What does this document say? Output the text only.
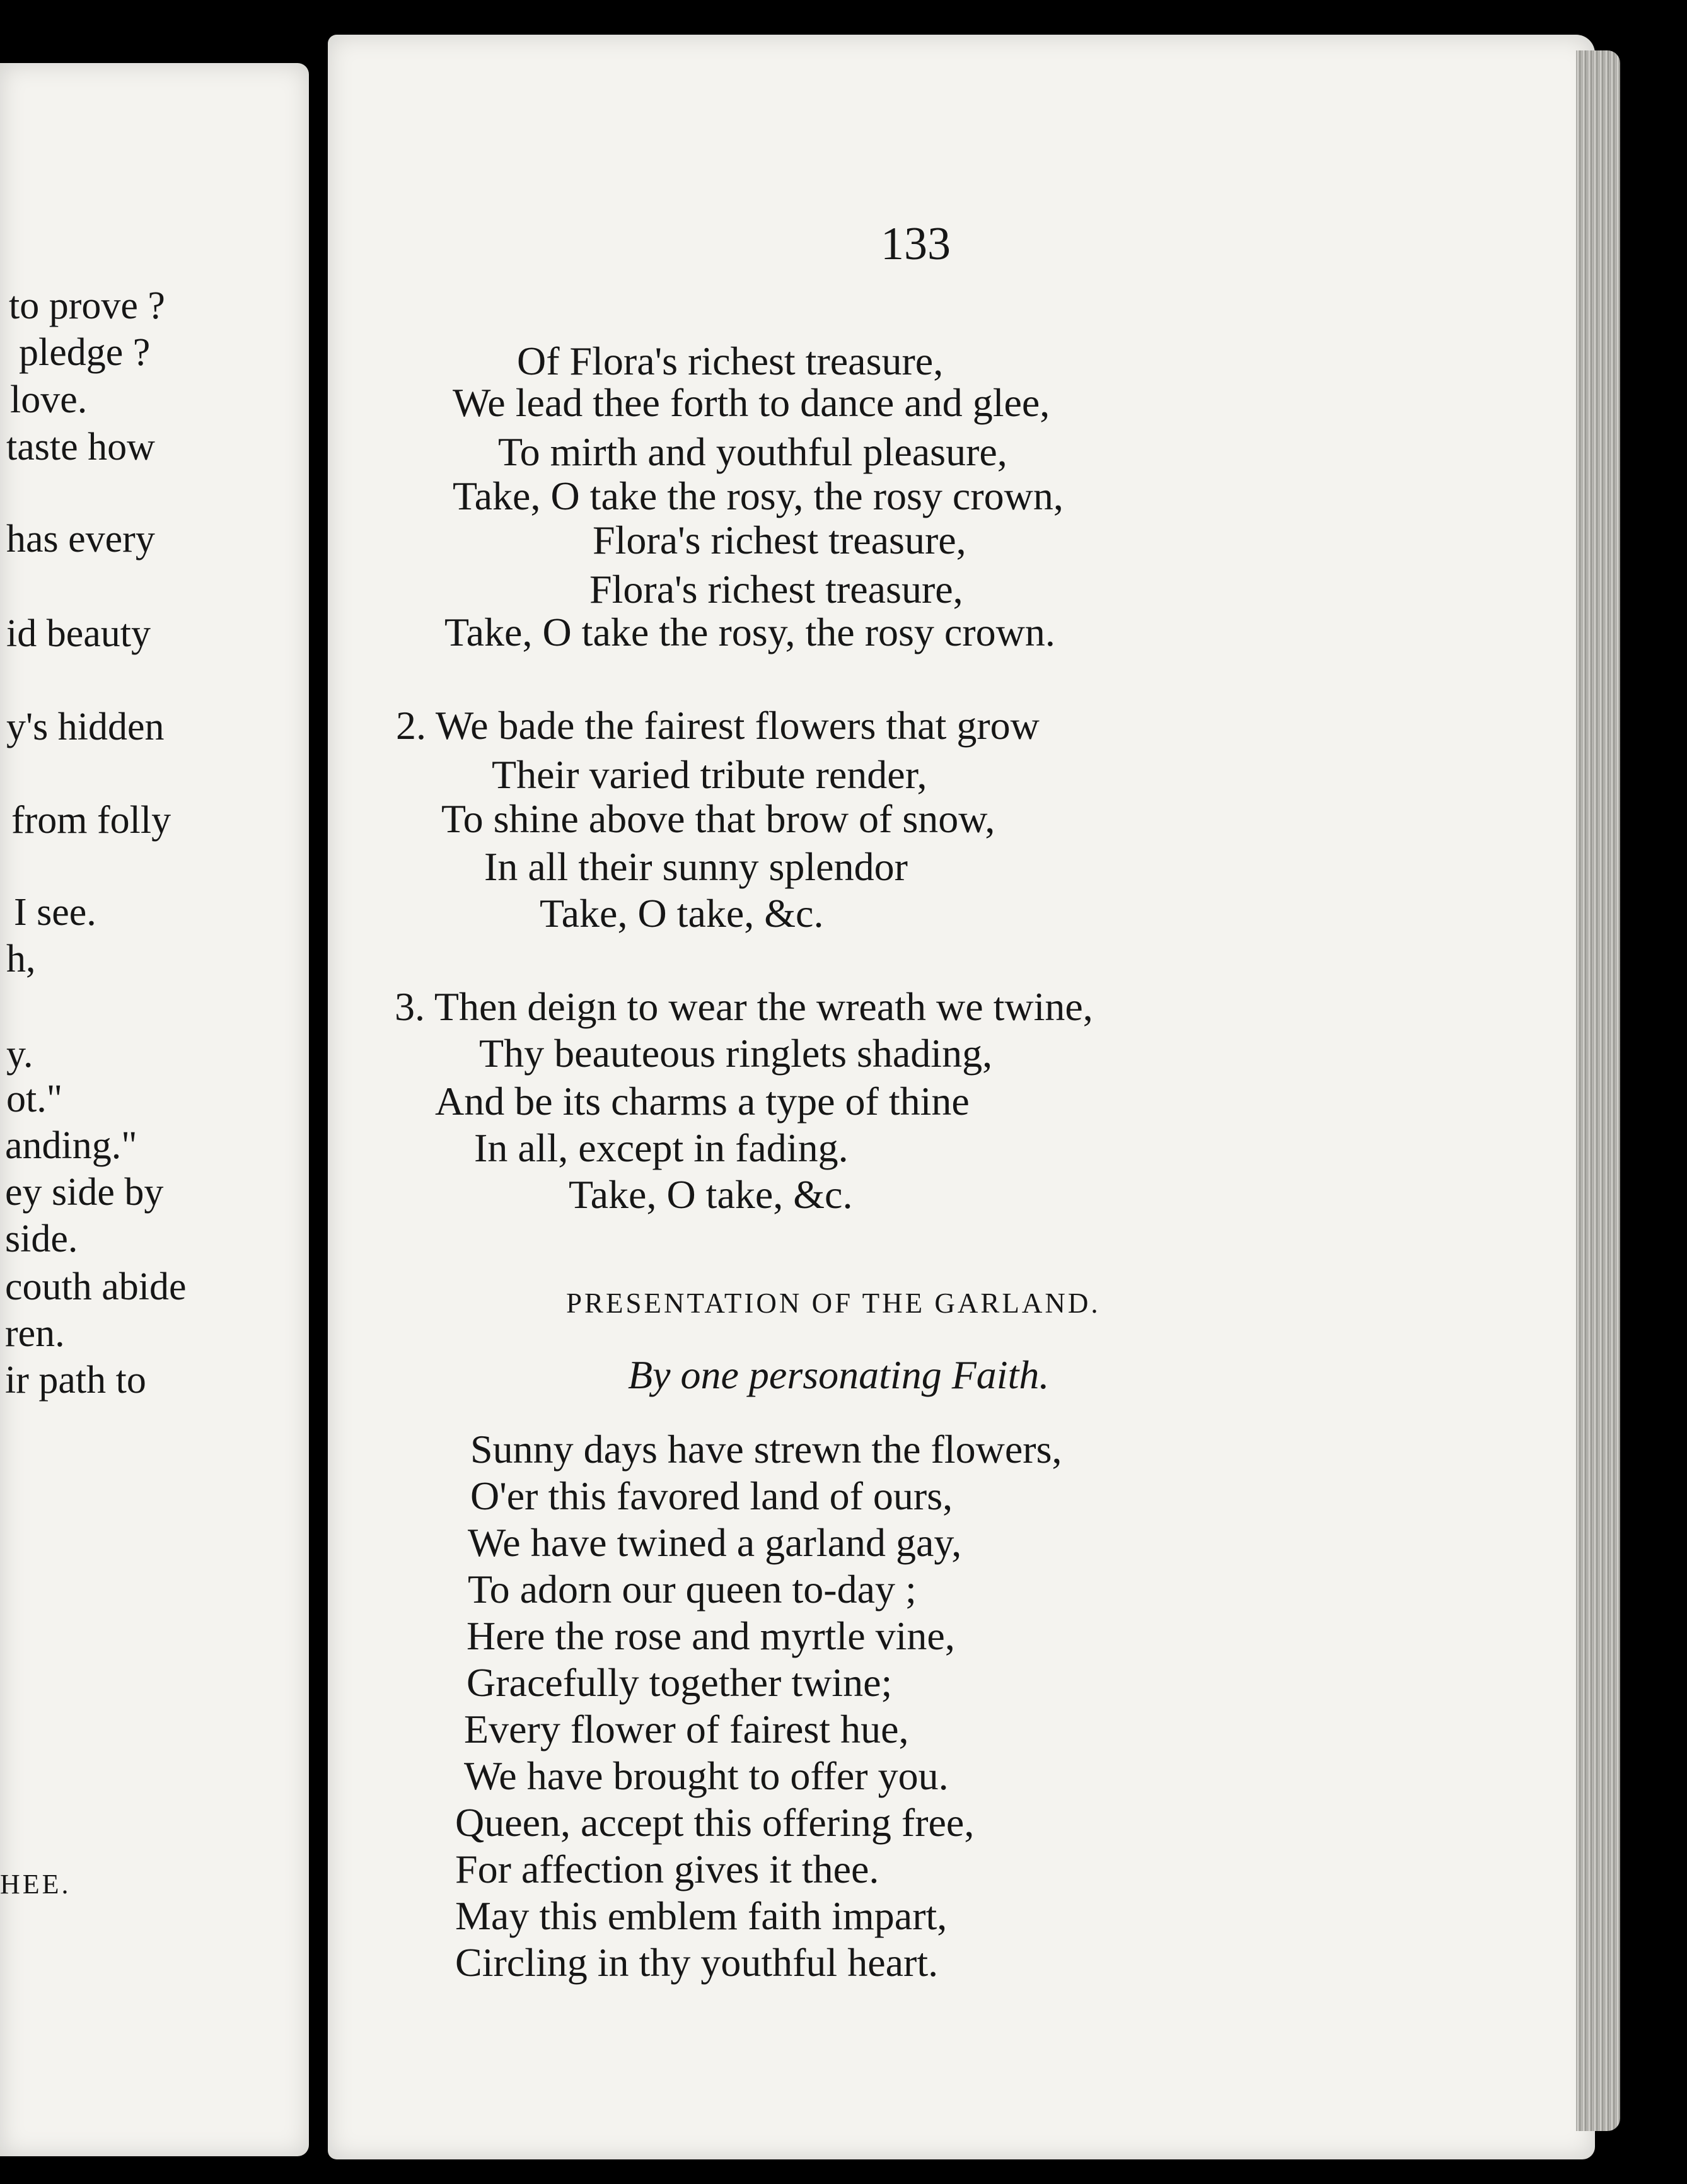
to prove ?
pledge ?
love.
taste how
has every
id beauty
y's hidden
from folly
I see.
h,
y.
ot."
anding."
ey side by
side.
couth abide
ren.
ir path to
HEE.
133
Of Flora's richest treasure,
We lead thee forth to dance and glee,
To mirth and youthful pleasure,
Take, O take the rosy, the rosy crown,
Flora's richest treasure,
Flora's richest treasure,
Take, O take the rosy, the rosy crown.
2. We bade the fairest flowers that grow
Their varied tribute render,
To shine above that brow of snow,
In all their sunny splendor
Take, O take, &c.
3. Then deign to wear the wreath we twine,
Thy beauteous ringlets shading,
And be its charms a type of thine
In all, except in fading.
Take, O take, &c.
PRESENTATION OF THE GARLAND.
By one personating Faith.
Sunny days have strewn the flowers,
O'er this favored land of ours,
We have twined a garland gay,
To adorn our queen to-day ;
Here the rose and myrtle vine,
Gracefully together twine;
Every flower of fairest hue,
We have brought to offer you.
Queen, accept this offering free,
For affection gives it thee.
May this emblem faith impart,
Circling in thy youthful heart.
